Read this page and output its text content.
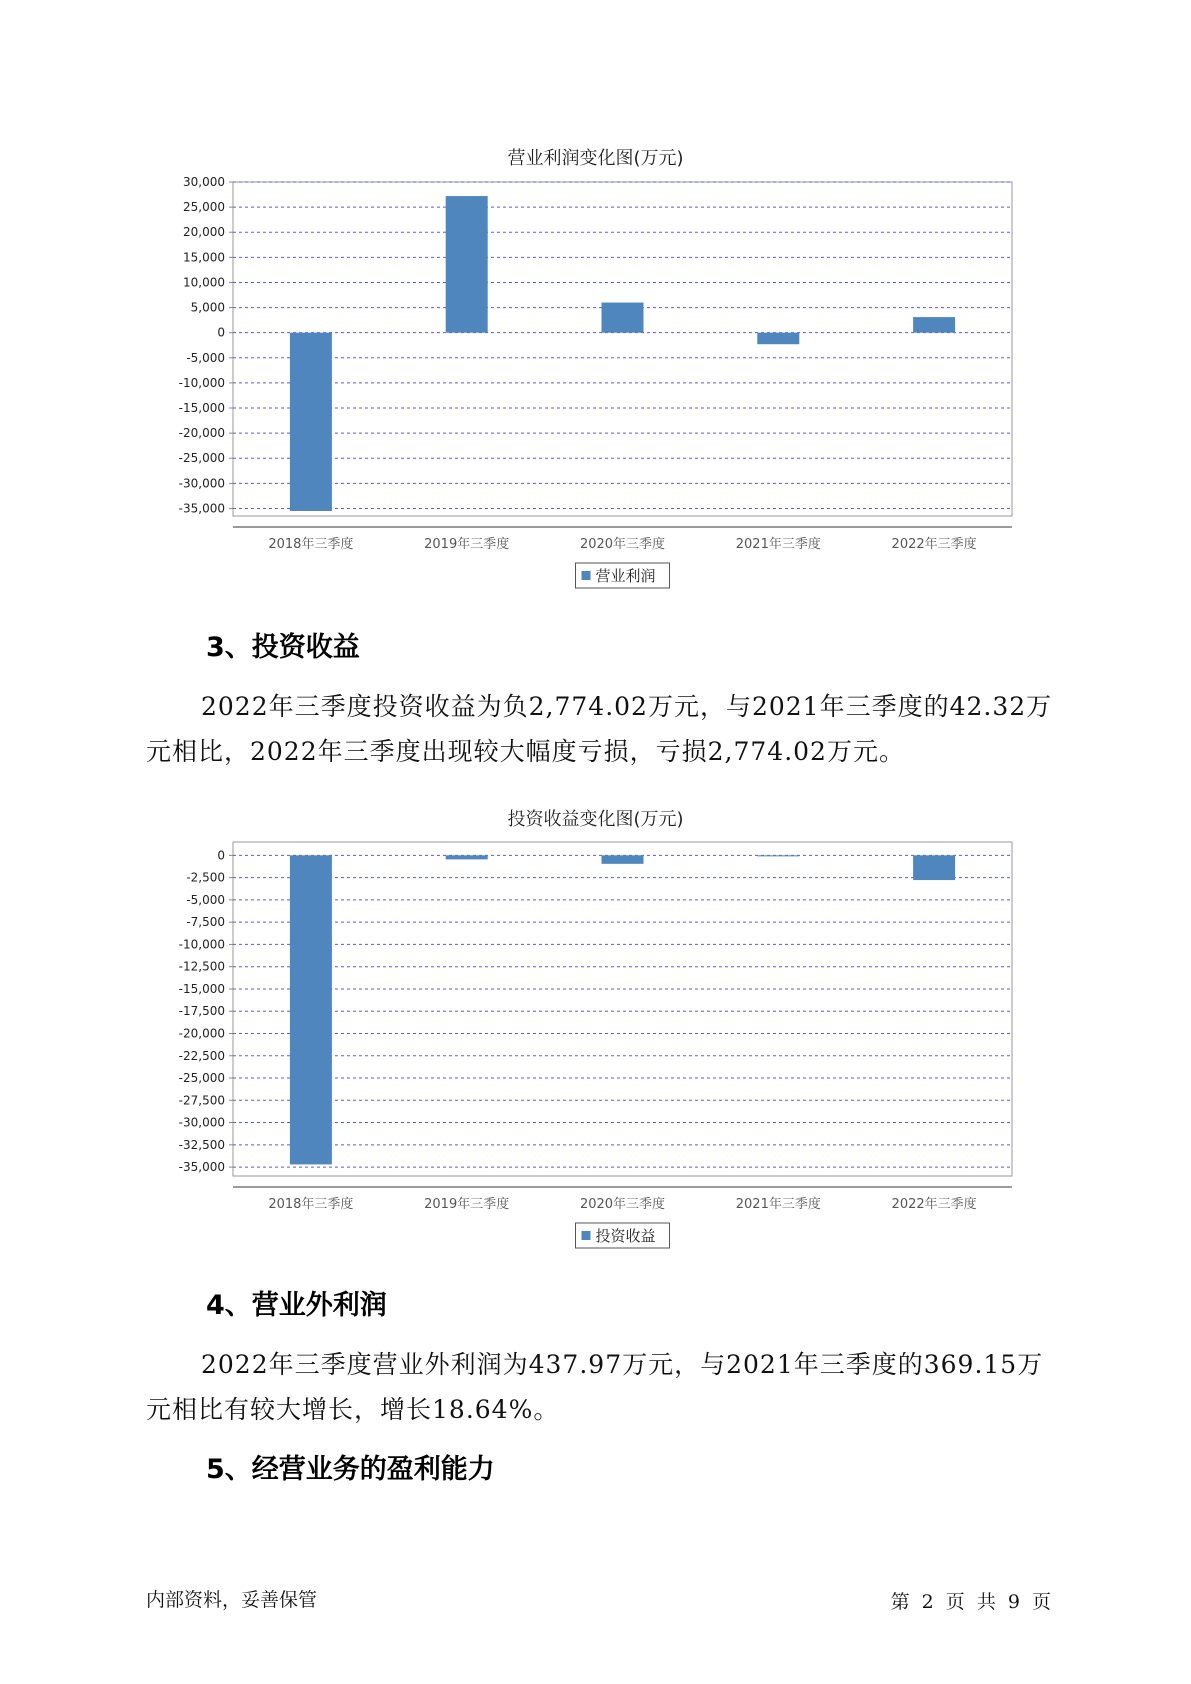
营业利润变化图(万元)
30,000
25,000
20,000
15,000
10,000
5,000
0
-5,000
-10,000
-15,000
-20,000
-25,000
-30,000
-35,000
2018年三季度	2019年三季度	2020年三季度	2021年三季度	2022年三季度
营业利润
3、投资收益

2022年三季度投资收益为负2,774.02万元，与2021年三季度的42.32万元相比，2022年三季度出现较大幅度亏损，亏损2,774.02万元。

投资收益变化图(万元)
0
-2,500
-5,000
-7,500
-10,000
-12,500
-15,000
-17,500
-20,000
-22,500
-25,000
-27,500
-30,000
-32,500
-35,000
2018年三季度	2019年三季度	2020年三季度	2021年三季度	2022年三季度
投资收益
4、营业外利润

2022年三季度营业外利润为437.97万元，与2021年三季度的369.15万元相比有较大增长，增长18.64%。

5、经营业务的盈利能力
内部资料，妥善保管	第 2 页 共 9 页
